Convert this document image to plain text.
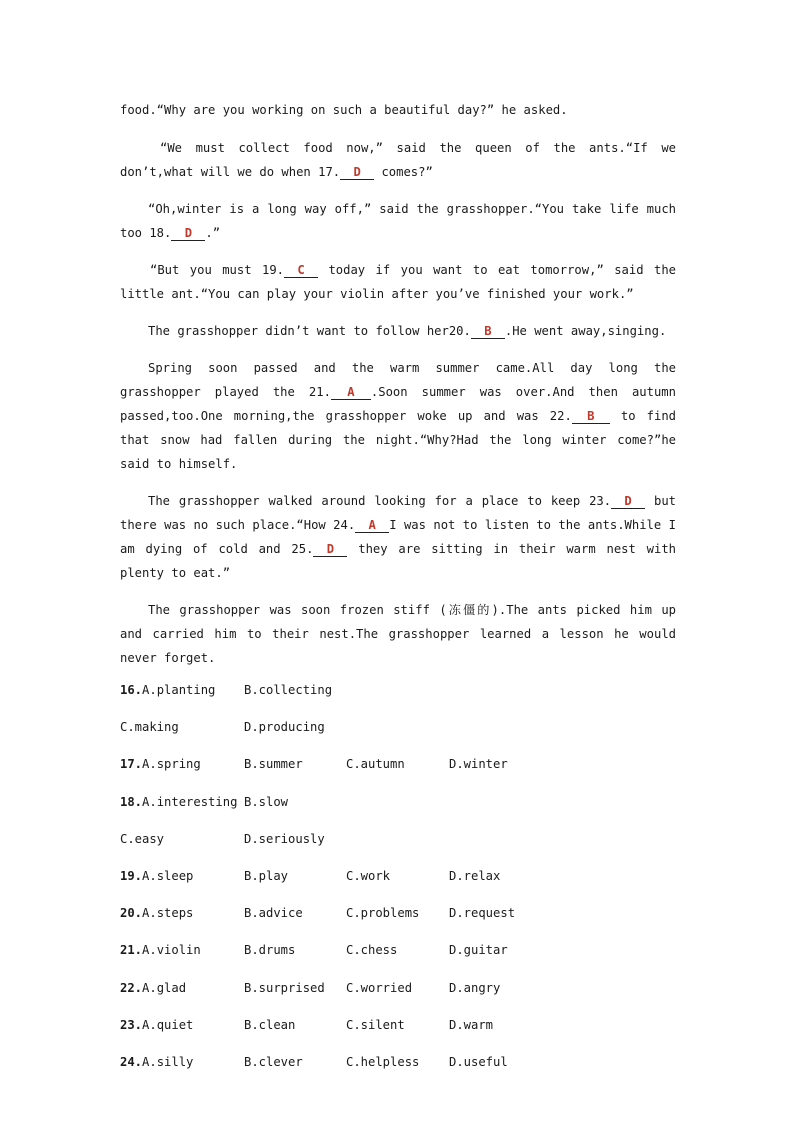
food.“Why are you working on such a beautiful day?” he asked.

“We must collect food now,” said the queen of the ants.“If we don’t,what will we do when 17. D comes?”

“Oh,winter is a long way off,” said the grasshopper.“You take life much too 18. D .”

“But you must 19. C today if you want to eat tomorrow,” said the little ant.“You can play your violin after you’ve finished your work.”

The grasshopper didn’t want to follow her20. B .He went away,singing.

Spring soon passed and the warm summer came.All day long the grasshopper played the 21. A .Soon summer was over.And then autumn passed,too.One morning,the grasshopper woke up and was 22. B to find that snow had fallen during the night.“Why?Had the long winter come?”he said to himself.

The grasshopper walked around looking for a place to keep 23. D but there was no such place.“How 24. A I was not to listen to the ants.While I am dying of cold and 25. D they are sitting in their warm nest with plenty to eat.”

The grasshopper was soon frozen stiff (冻僵的).The ants picked him up and carried him to their nest.The grasshopper learned a lesson he would never forget.

16.A.planting	B.collecting
C.making	D.producing
17.A.spring	B.summer	C.autumn	D.winter
18.A.interesting B.slow
C.easy	D.seriously
19.A.sleep	B.play	C.work	D.relax
20.A.steps	B.advice	C.problems	D.request
21.A.violin	B.drums	C.chess	D.guitar
22.A.glad	B.surprised	C.worried	D.angry
23.A.quiet	B.clean	C.silent	D.warm
24.A.silly	B.clever	C.helpless	D.useful
